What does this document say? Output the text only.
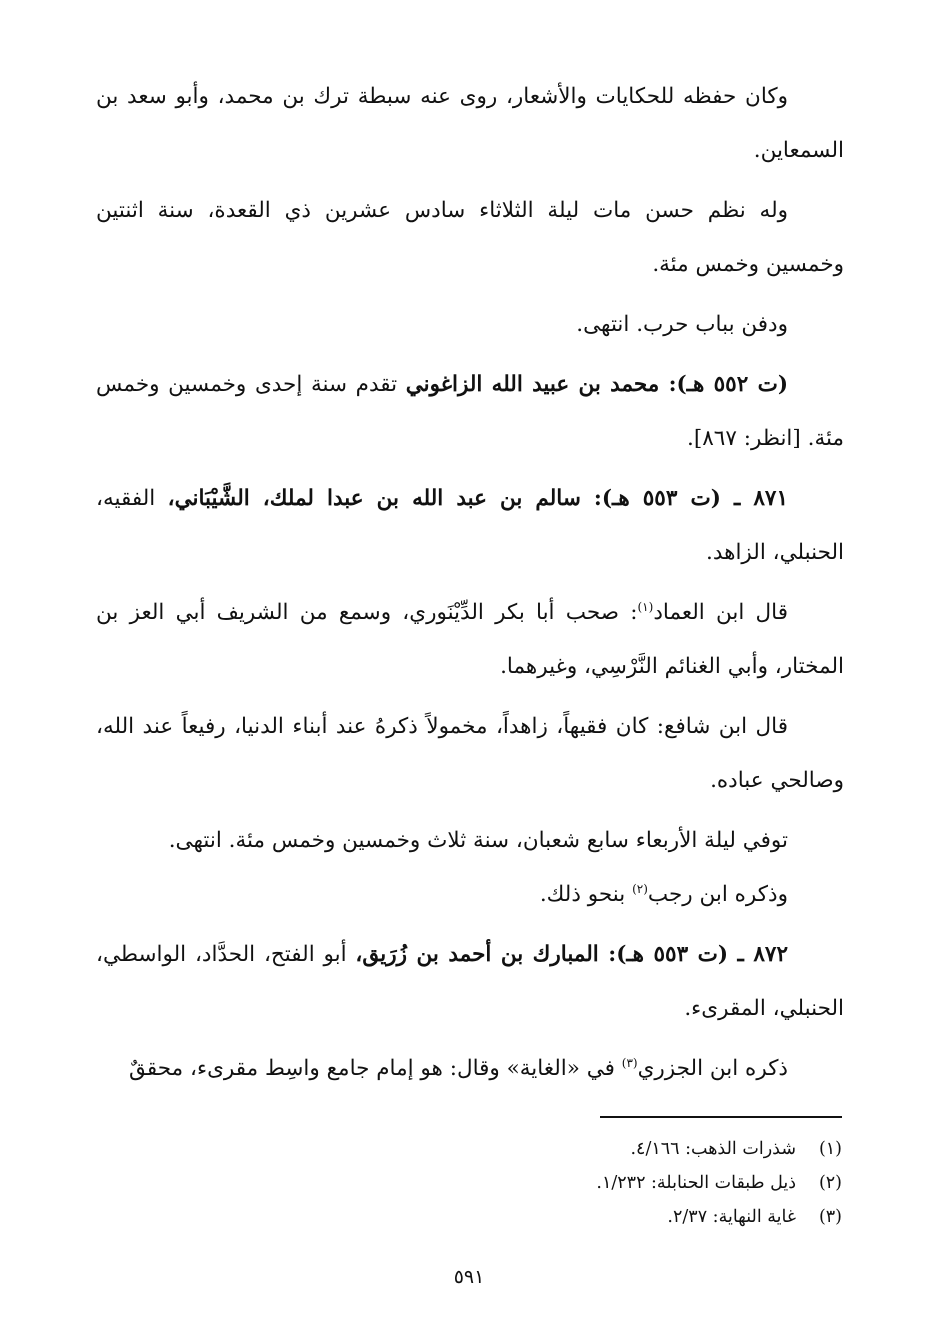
وكان حفظه للحكايات والأشعار، روى عنه سبطة ترك بن محمد، وأبو سعد بن السمعاين.

وله نظم حسن مات ليلة الثلاثاء سادس عشرين ذي القعدة، سنة اثنتين وخمسين وخمس مئة.

ودفن بباب حرب. انتهى.

(ت ٥٥٢ هـ): محمد بن عبيد الله الزاغوني تقدم سنة إحدى وخمسين وخمس مئة. [انظر: ٨٦٧].

٨٧١ ـ (ت ٥٥٣ هـ): سالم بن عبد الله بن عبدا لملك، الشَّيْبَاني، الفقيه، الحنبلي، الزاهد.

قال ابن العماد$^{(١)}$: صحب أبا بكر الدِّيْنَوري، وسمع من الشريف أبي العز بن المختار، وأبي الغنائم النَّرْسِي، وغيرهما.

قال ابن شافع: كان فقيهاً، زاهداً، مخمولاً ذكرهُ عند أبناء الدنيا، رفيعاً عند الله، وصالحي عباده.

توفي ليلة الأربعاء سابع شعبان، سنة ثلاث وخمسين وخمس مئة. انتهى.

وذكره ابن رجب$^{(٢)}$ بنحو ذلك.

٨٧٢ ـ (ت ٥٥٣ هـ): المبارك بن أحمد بن زُرَيق، أبو الفتح، الحدَّاد، الواسطي، الحنبلي، المقرىء.

ذكره ابن الجزري$^{(٣)}$ في «الغاية» وقال: هو إمام جامع واسِط مقرىء، محققٌ

(١)
شذرات الذهب: ٤/١٦٦.
(٢)
ذيل طبقات الحنابلة: ١/٢٣٢.
(٣)
غاية النهاية: ٢/٣٧.
٥٩١
